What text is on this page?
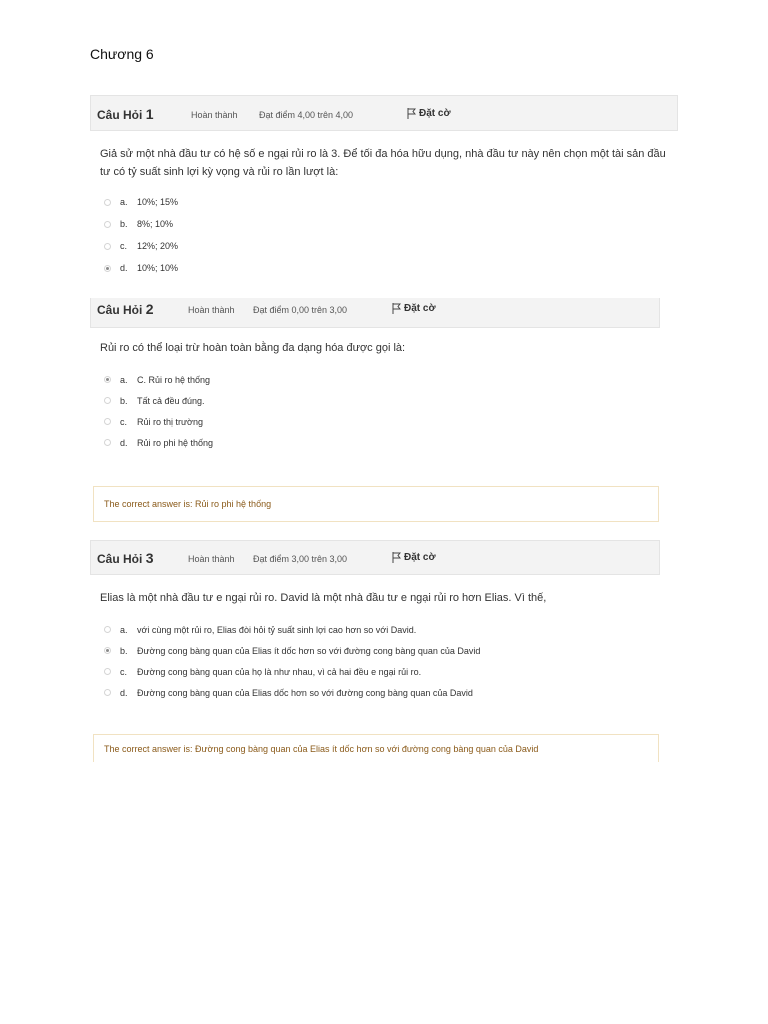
Chương 6
Câu Hỏi 1	Hoàn thành Đạt điểm 4,00 trên 4,00	Đặt cờ
Giả sử một nhà đầu tư có hệ số e ngại rủi ro là 3. Để tối đa hóa hữu dụng, nhà đầu tư này nên chọn một tài sản đầu
tư có tỷ suất sinh lợi kỳ vọng và rủi ro lần lượt là:
a.	10%; 15%
b.	8%; 10%
c.	12%; 20%
d.	10%; 10%
Câu Hỏi 2	Hoàn thành Đạt điểm 0,00 trên 3,00	Đặt cờ
Rủi ro có thể loại trừ hoàn toàn bằng đa dạng hóa được gọi là:
a.	C. Rủi ro hệ thống
b.	Tất cả đều đúng.
c.	Rủi ro thị trường
d.	Rủi ro phi hệ thống
The correct answer is: Rủi ro phi hệ thống
Câu Hỏi 3	Hoàn thành Đạt điểm 3,00 trên 3,00	Đặt cờ
Elias là một nhà đầu tư e ngại rủi ro. David là một nhà đầu tư e ngại rủi ro hơn Elias. Vì thế,
a.	với cùng một rủi ro, Elias đòi hỏi tỷ suất sinh lợi cao hơn so với David.
b.	Đường cong bàng quan của Elias ít dốc hơn so với đường cong bàng quan của David
c.	Đường cong bàng quan của họ là như nhau, vì cả hai đều e ngại rủi ro.
d.	Đường cong bàng quan của Elias dốc hơn so với đường cong bàng quan của David
The correct answer is: Đường cong bàng quan của Elias ít dốc hơn so với đường cong bàng quan của David
